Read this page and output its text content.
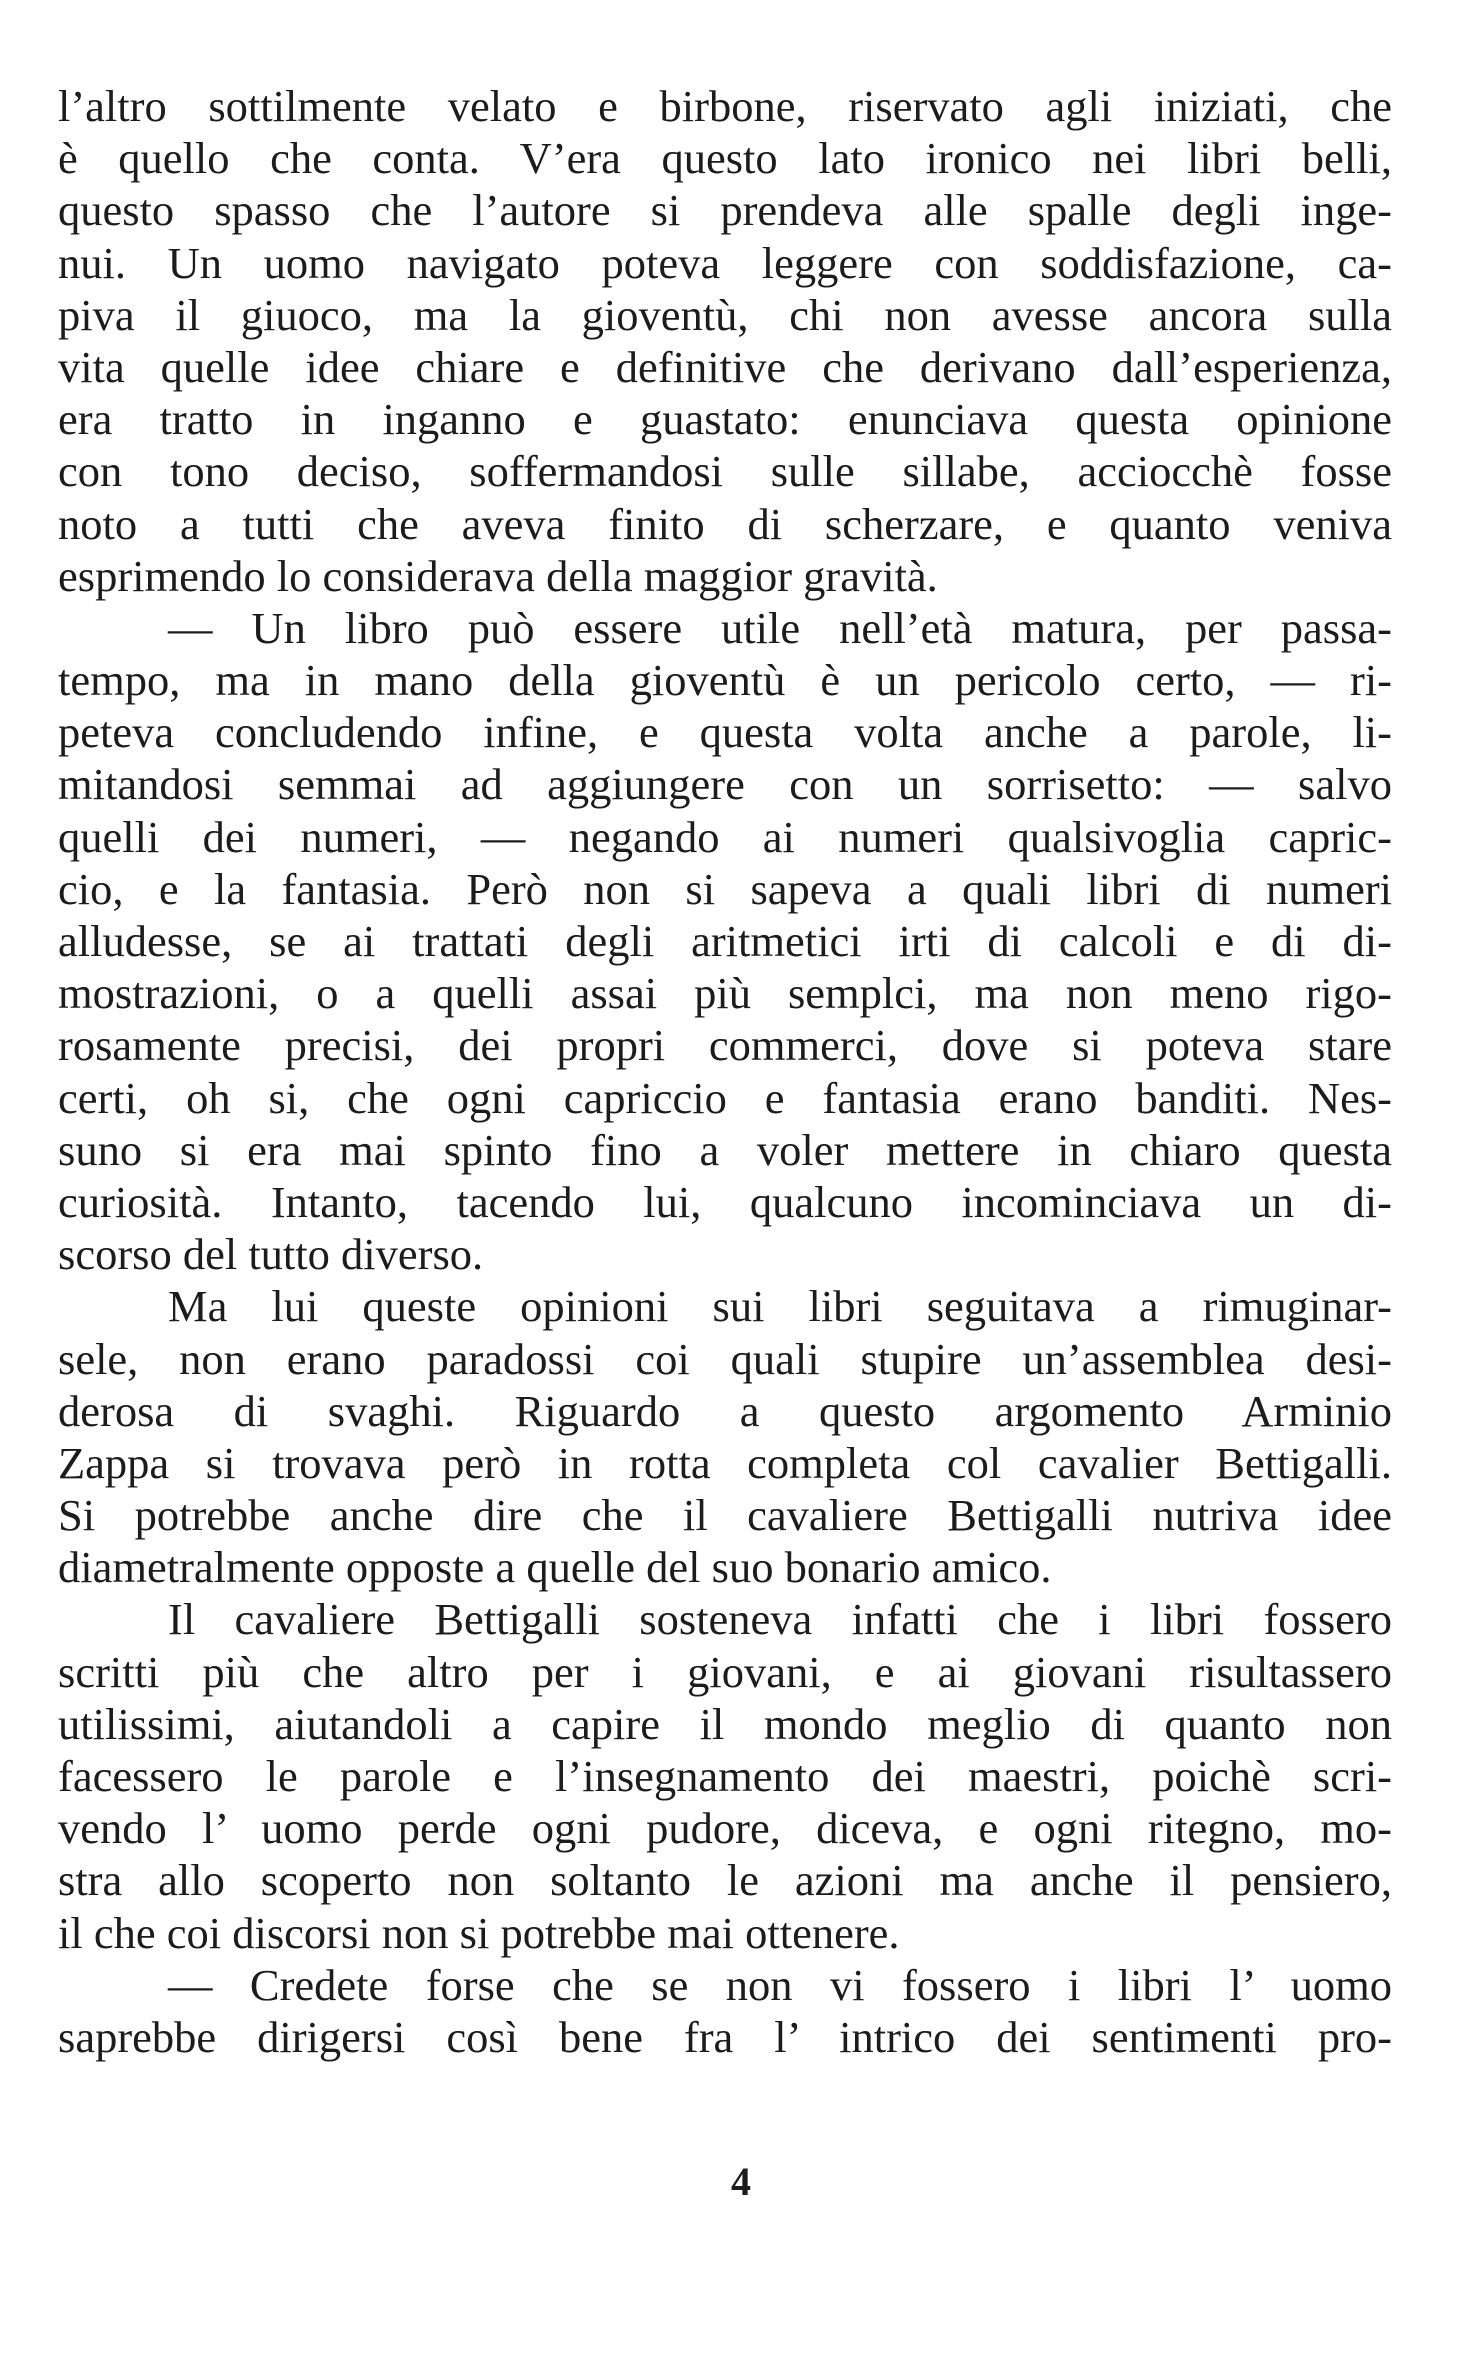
l’altro sottilmente velato e birbone, riservato agli iniziati, che
è quello che conta. V’era questo lato ironico nei libri belli,
questo spasso che l’autore si prendeva alle spalle degli inge-
nui. Un uomo navigato poteva leggere con soddisfazione, ca-
piva il giuoco, ma la gioventù, chi non avesse ancora sulla
vita quelle idee chiare e definitive che derivano dall’esperienza,
era tratto in inganno e guastato: enunciava questa opinione
con tono deciso, soffermandosi sulle sillabe, acciocchè fosse
noto a tutti che aveva finito di scherzare, e quanto veniva
esprimendo lo considerava della maggior gravità.
— Un libro può essere utile nell’età matura, per passa-
tempo, ma in mano della gioventù è un pericolo certo, — ri-
peteva concludendo infine, e questa volta anche a parole, li-
mitandosi semmai ad aggiungere con un sorrisetto: — salvo
quelli dei numeri, — negando ai numeri qualsivoglia capric-
cio, e la fantasia. Però non si sapeva a quali libri di numeri
alludesse, se ai trattati degli aritmetici irti di calcoli e di di-
mostrazioni, o a quelli assai più semplci, ma non meno rigo-
rosamente precisi, dei propri commerci, dove si poteva stare
certi, oh si, che ogni capriccio e fantasia erano banditi. Nes-
suno si era mai spinto fino a voler mettere in chiaro questa
curiosità. Intanto, tacendo lui, qualcuno incominciava un di-
scorso del tutto diverso.
Ma lui queste opinioni sui libri seguitava a rimuginar-
sele, non erano paradossi coi quali stupire un’assemblea desi-
derosa di svaghi. Riguardo a questo argomento Arminio
Zappa si trovava però in rotta completa col cavalier Bettigalli.
Si potrebbe anche dire che il cavaliere Bettigalli nutriva idee
diametralmente opposte a quelle del suo bonario amico.
Il cavaliere Bettigalli sosteneva infatti che i libri fossero
scritti più che altro per i giovani, e ai giovani risultassero
utilissimi, aiutandoli a capire il mondo meglio di quanto non
facessero le parole e l’insegnamento dei maestri, poichè scri-
vendo l’ uomo perde ogni pudore, diceva, e ogni ritegno, mo-
stra allo scoperto non soltanto le azioni ma anche il pensiero,
il che coi discorsi non si potrebbe mai ottenere.
— Credete forse che se non vi fossero i libri l’ uomo
saprebbe dirigersi così bene fra l’ intrico dei sentimenti pro-
4
